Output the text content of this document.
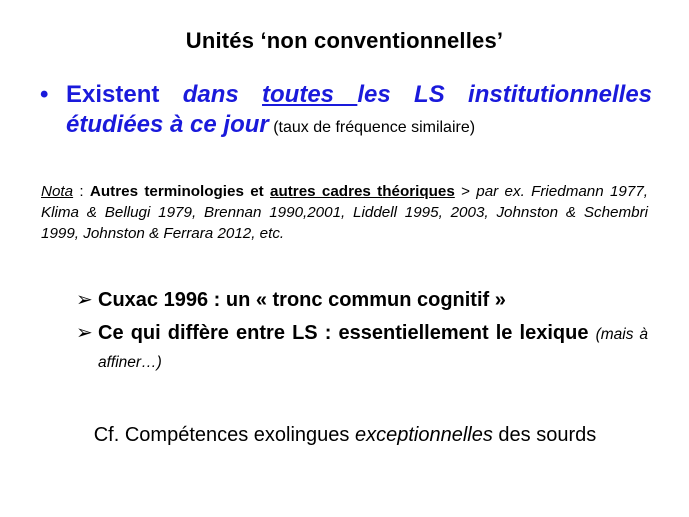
Unités ‘non conventionnelles’
• Existent dans toutes les LS institutionnelles étudiées à ce jour (taux de fréquence similaire)
Nota : Autres terminologies et autres cadres théoriques > par ex. Friedmann 1977, Klima & Bellugi 1979, Brennan 1990,2001, Liddell 1995, 2003, Johnston & Schembri 1999, Johnston & Ferrara 2012, etc.
➢ Cuxac 1996 : un « tronc commun cognitif »
➢ Ce qui diffère entre LS : essentiellement le lexique (mais à affiner…)
Cf. Compétences exolingues exceptionnelles des sourds
